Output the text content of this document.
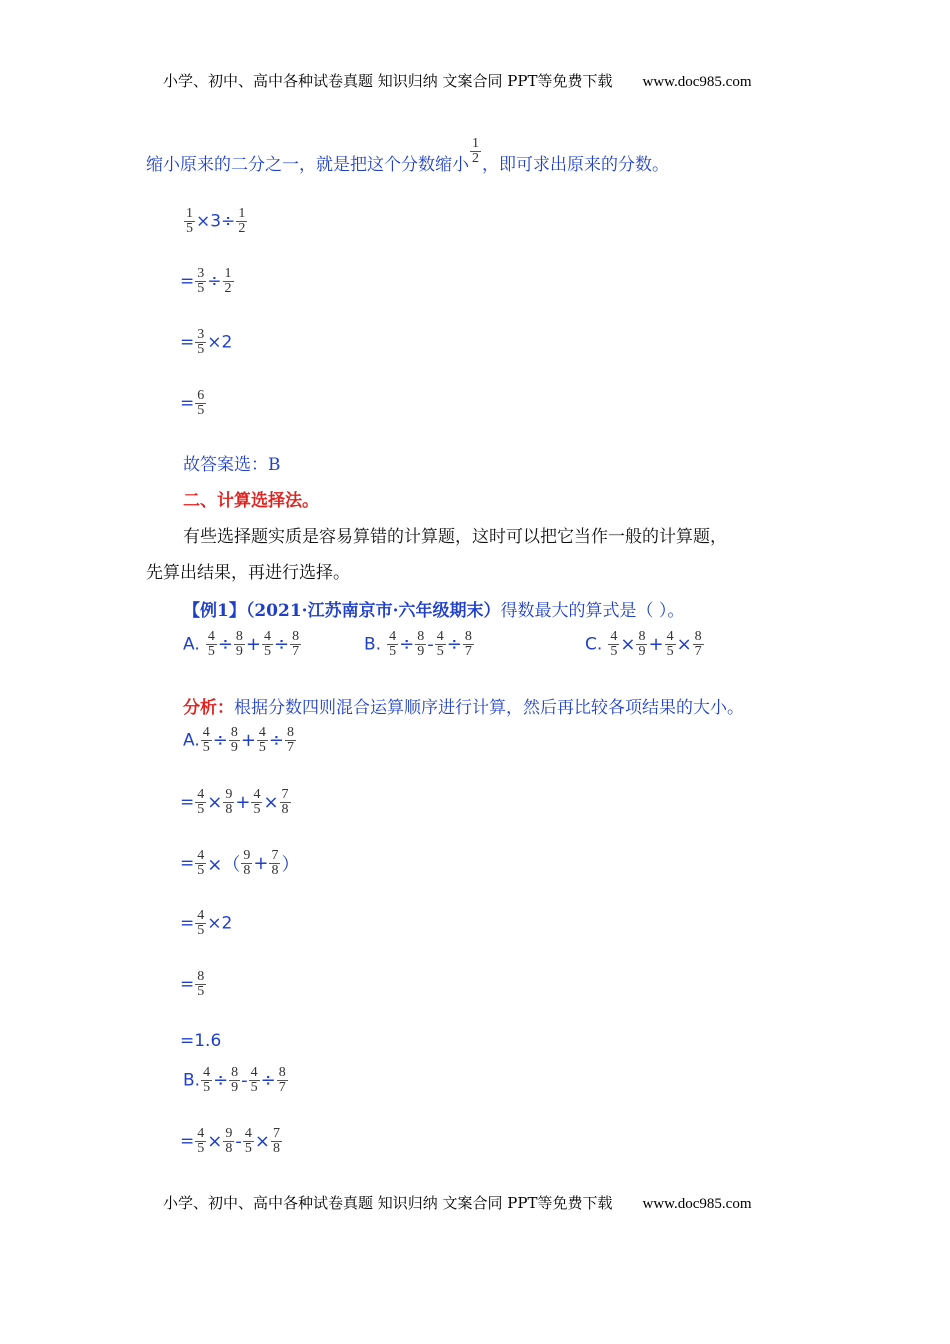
小学、初中、高中各种试卷真题 知识归纳 文案合同 PPT等免费下载 www.doc985.com
缩小原来的二分之一，就是把这个分数缩小 $\frac{1}{2}$ ，即可求出原来的分数。
$\frac{1}{5} \times 3\div \frac{1}{2}$
= $\frac{3}{5} \div \frac{1}{2}$
= $\frac{3}{5} \times 2$
= $\frac{6}{5}$
故答案选：B
二、计算选择法。
有些选择题实质是容易算错的计算题，这时可以把它当作一般的计算题，
先算出结果，再进行选择。
【例1】（2021·江苏南京市·六年级期末）得数最大的算式是（ ）。
A. $\frac{4}{5} \div \frac{8}{9} + \frac{4}{5} \div \frac{8}{7}$	B. $\frac{4}{5} \div \frac{8}{9} - \frac{4}{5} \div \frac{8}{7}$	C. $\frac{4}{5} \times \frac{8}{9} + \frac{4}{5} \times \frac{8}{7}$
分析：根据分数四则混合运算顺序进行计算，然后再比较各项结果的大小。
A. $\frac{4}{5} \div \frac{8}{9} + \frac{4}{5} \div \frac{8}{7}$
= $\frac{4}{5} \times \frac{9}{8} + \frac{4}{5} \times \frac{7}{8}$
= $\frac{4}{5}$ ×（ $\frac{9}{8} + \frac{7}{8}$ ）
= $\frac{4}{5} \times 2$
= $\frac{8}{5}$
=1.6
B. $\frac{4}{5} \div \frac{8}{9} - \frac{4}{5} \div \frac{8}{7}$
= $\frac{4}{5} \times \frac{9}{8} - \frac{4}{5} \times \frac{7}{8}$
小学、初中、高中各种试卷真题 知识归纳 文案合同 PPT等免费下载 www.doc985.com
